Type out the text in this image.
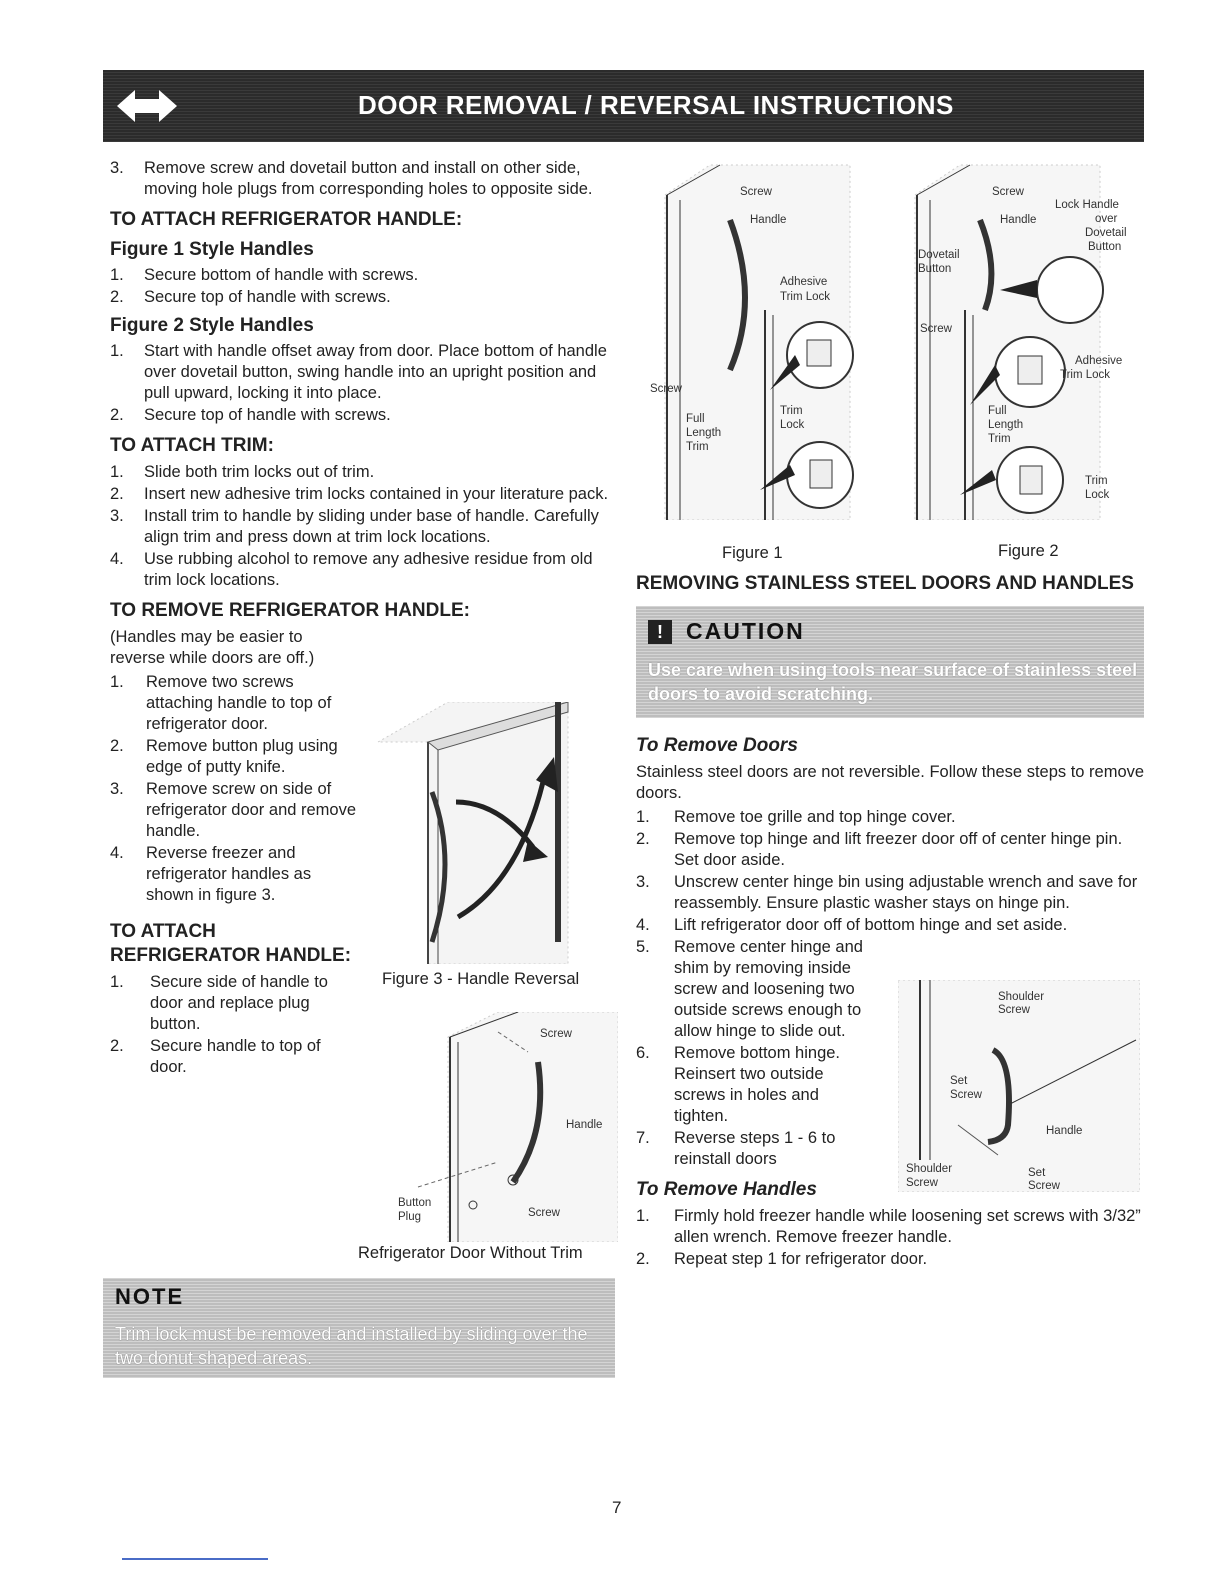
DOOR REMOVAL / REVERSAL INSTRUCTIONS
3. Remove screw and dovetail button and install on other side, moving hole plugs from corresponding holes to opposite side.
TO ATTACH REFRIGERATOR HANDLE:
Figure 1 Style Handles
1. Secure bottom of handle with screws.
2. Secure top of handle with screws.
Figure 2 Style Handles
1. Start with handle offset away from door. Place bottom of handle over dovetail button, swing handle into an upright position and pull upward, locking it into place.
2. Secure top of handle with screws.
TO ATTACH TRIM:
1. Slide both trim locks out of trim.
2. Insert new adhesive trim locks contained in your literature pack.
3. Install trim to handle by sliding under base of handle. Carefully align trim and press down at trim lock locations.
4. Use rubbing alcohol to remove any adhesive residue from old trim lock locations.
TO REMOVE REFRIGERATOR HANDLE:

(Handles may be easier to reverse while doors are off.)

1. Remove two screws attaching handle to top of refrigerator door.
2. Remove button plug using edge of putty knife.
3. Remove screw on side of refrigerator door and remove handle.
4. Reverse freezer and refrigerator handles as shown in figure 3.
TO ATTACH
REFRIGERATOR HANDLE:
1. Secure side of handle to door and replace plug button.
2. Secure handle to top of door.
Figure 3 - Handle Reversal
Screw
Handle
Button
Plug	Screw
Refrigerator Door Without Trim
NOTE
Trim lock must be removed and installed by sliding over the two donut shaped areas.
Screw
Handle
Adhesive
Trim Lock
Screw
Full
Length
Trim
Trim
Lock
Figure 1
Screw
Lock Handle
over
Dovetail
Button
Handle
Dovetail
Button
Screw
Adhesive
Trim Lock
Full
Length
Trim
Trim
Lock
Figure 2
REMOVING STAINLESS STEEL DOORS AND HANDLES
!	CAUTION
Use care when using tools near surface of stainless steel doors to avoid scratching.
To Remove Doors

Stainless steel doors are not reversible. Follow these steps to remove doors.

1. Remove toe grille and top hinge cover.
2. Remove top hinge and lift freezer door off of center hinge pin. Set door aside.
3. Unscrew center hinge bin using adjustable wrench and save for reassembly. Ensure plastic washer stays on hinge pin.
4. Lift refrigerator door off of bottom hinge and set aside.
5. Remove center hinge and shim by removing inside screw and loosening two outside screws enough to allow hinge to slide out.
6. Remove bottom hinge. Reinsert two outside screws in holes and tighten.
7. Reverse steps 1 - 6 to reinstall doors
To Remove Handles
1. Firmly hold freezer handle while loosening set screws with 3/32” allen wrench. Remove freezer handle.
2. Repeat step 1 for refrigerator door.
Shoulder
Screw
Set
Screw
Handle
Shoulder
Screw
Set
Screw
7
